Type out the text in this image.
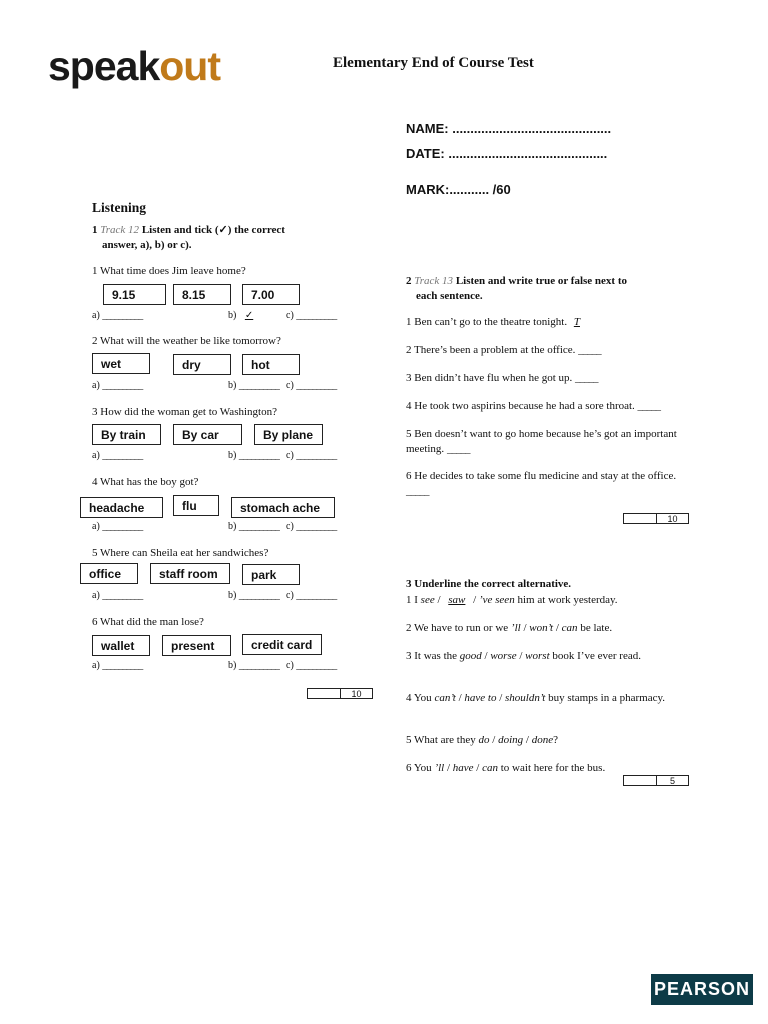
speakout	Elementary End of Course Test
NAME: ............................................
DATE: ............................................
MARK:........... /60
Listening
1 Track 12 Listen and tick (✓) the correct
answer, a), b) or c).
1 What time does Jim leave home?
9.15	8.15	7.00
a) __________	b) ✓	c) __________
2 What will the weather be like tomorrow?
wet	dry	hot
a) __________	b) __________ c) __________
3 How did the woman get to Washington?
By train	By car	By plane
a) __________	b) __________ c) __________
4 What has the boy got?
headache	flu	stomach ache
a) __________	b) __________ c) __________
5 Where can Sheila eat her sandwiches?
office	staff room	park
a) __________	b) __________ c) __________
6 What did the man lose?
wallet	present	credit card
a) __________	b) __________ c) __________
10
2 Track 13 Listen and write true or false next to
each sentence.
1 Ben can’t go to the theatre tonight. T
2 There’s been a problem at the office. _____
3 Ben didn’t have flu when he got up. _____
4 He took two aspirins because he had a sore throat. _____
5 Ben doesn’t want to go home because he’s got an important meeting. _____
6 He decides to take some flu medicine and stay at the office. _____
10
3 Underline the correct alternative.
1 I see / saw / ’ve seen him at work yesterday.
2 We have to run or we ’ll / won’t / can be late.
3 It was the good / worse / worst book I’ve ever read.
4 You can’t / have to / shouldn’t buy stamps in a pharmacy.
5 What are they do / doing / done?
6 You ’ll / have / can to wait here for the bus.
5
PEARSON
